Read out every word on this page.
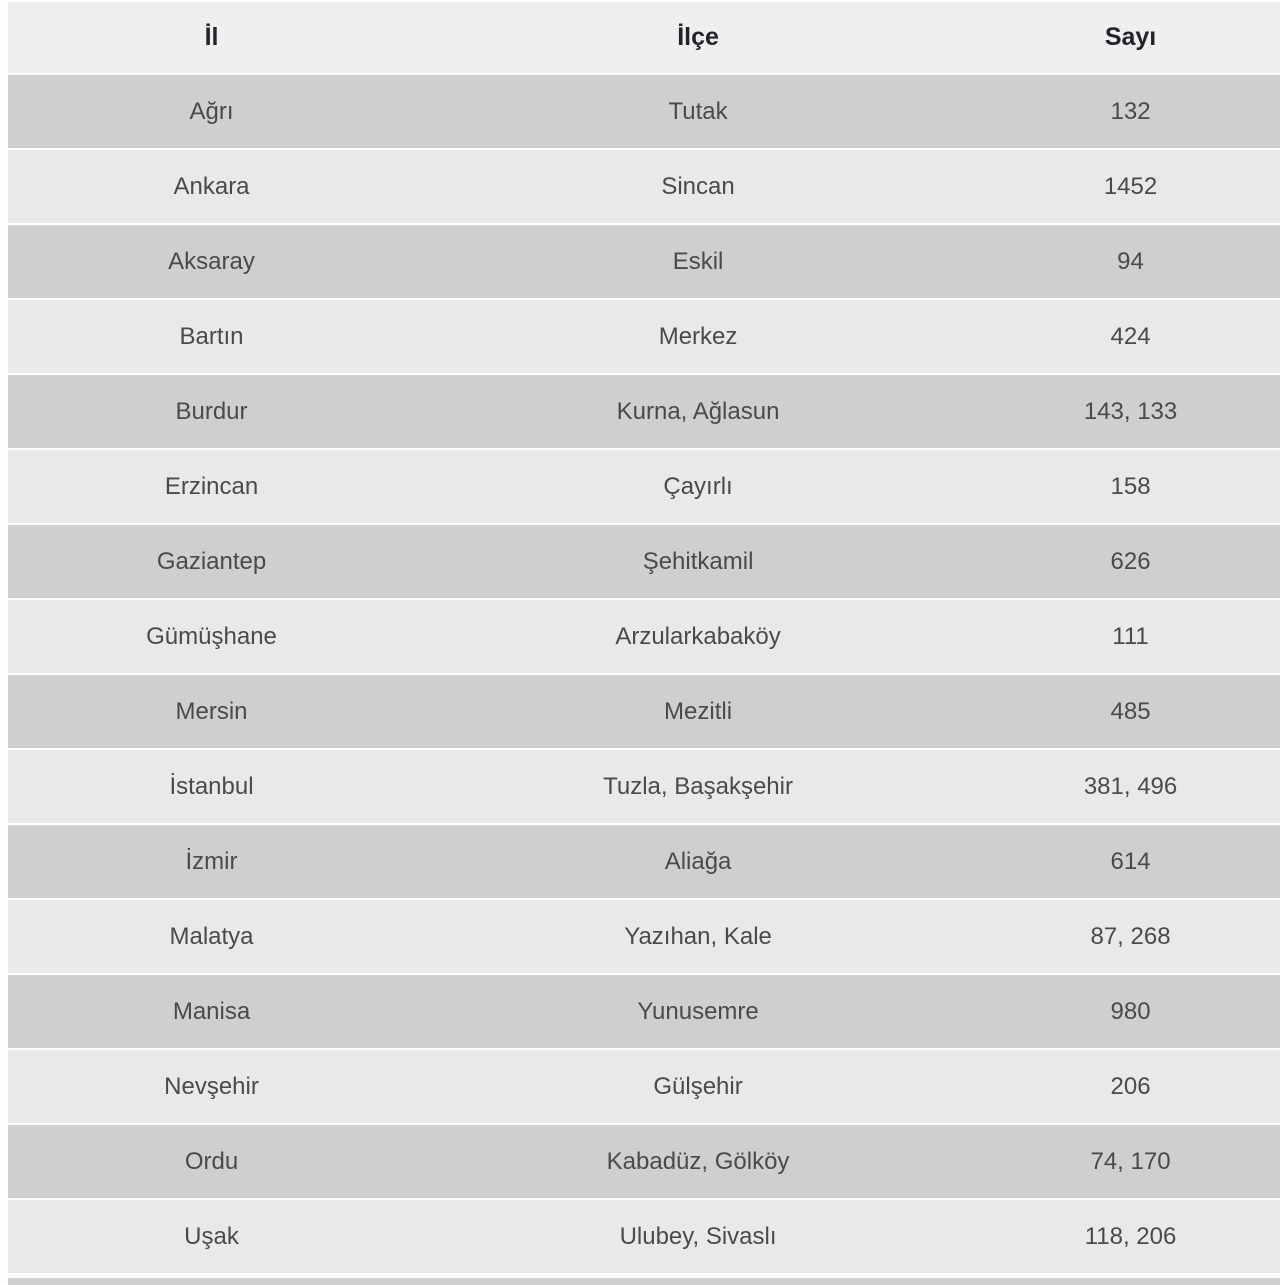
İl	İlçe	Sayı
Ağrı	Tutak	132
Ankara	Sincan	1452
Aksaray	Eskil	94
Bartın	Merkez	424
Burdur	Kurna, Ağlasun	143, 133
Erzincan	Çayırlı	158
Gaziantep	Şehitkamil	626
Gümüşhane	Arzularkabaköy	111
Mersin	Mezitli	485
İstanbul	Tuzla, Başakşehir	381, 496
İzmir	Aliağa	614
Malatya	Yazıhan, Kale	87, 268
Manisa	Yunusemre	980
Nevşehir	Gülşehir	206
Ordu	Kabadüz, Gölköy	74, 170
Uşak	Ulubey, Sivaslı	118, 206
